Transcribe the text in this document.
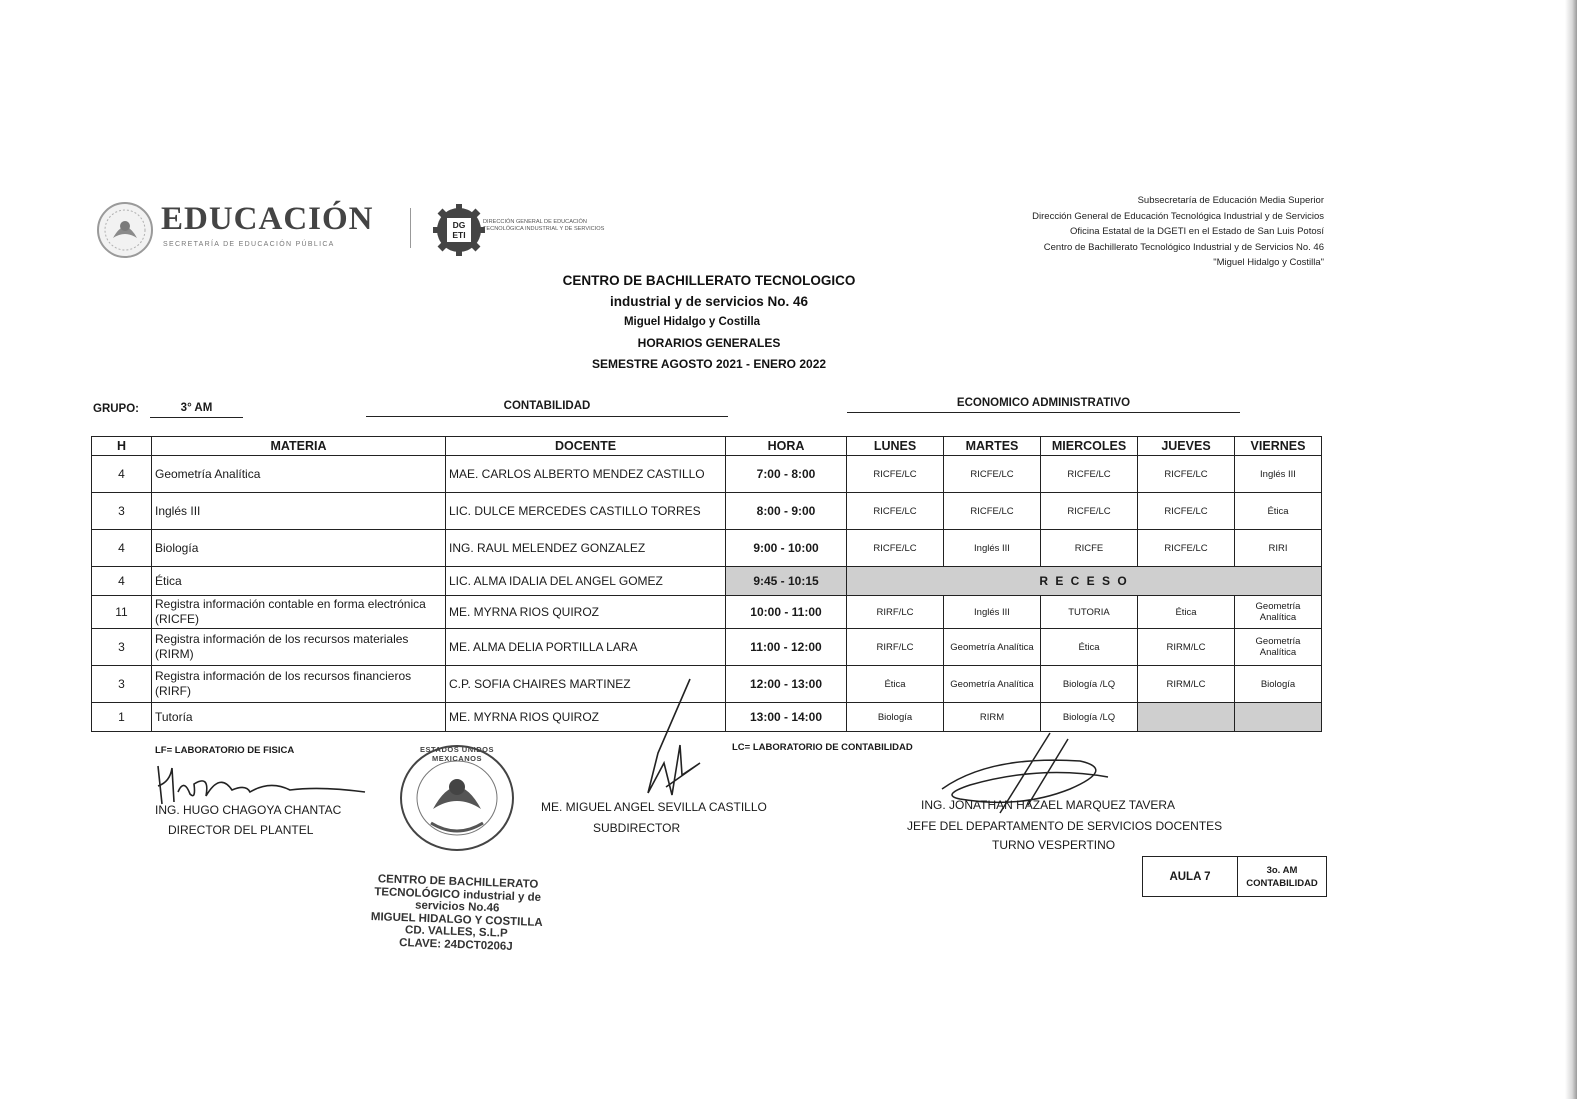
EDUCACIÓN
SECRETARÍA DE EDUCACIÓN PÚBLICA
DG ETI
DIRECCIÓN GENERAL DE EDUCACIÓN
TECNOLÓGICA INDUSTRIAL Y DE SERVICIOS
Subsecretaría de Educación Media Superior
Dirección General de Educación Tecnológica Industrial y de Servicios
Oficina Estatal de la DGETI en el Estado de San Luis Potosí
Centro de Bachillerato Tecnológico Industrial y de Servicios No. 46
"Miguel Hidalgo y Costilla"
CENTRO DE BACHILLERATO TECNOLOGICO
industrial y de servicios No. 46
Miguel Hidalgo y Costilla
HORARIOS GENERALES
SEMESTRE AGOSTO 2021 - ENERO 2022
GRUPO:	3° AM	CONTABILIDAD	ECONOMICO ADMINISTRATIVO
H	MATERIA	DOCENTE	HORA	LUNES	MARTES	MIERCOLES	JUEVES	VIERNES
4	Geometría Analítica	MAE. CARLOS ALBERTO MENDEZ CASTILLO	7:00 - 8:00	RICFE/LC	RICFE/LC	RICFE/LC	RICFE/LC	Inglés III
3	Inglés III	LIC. DULCE MERCEDES CASTILLO TORRES	8:00 - 9:00	RICFE/LC	RICFE/LC	RICFE/LC	RICFE/LC	Ética
4	Biología	ING. RAUL MELENDEZ GONZALEZ	9:00 - 10:00	RICFE/LC	Inglés III	RICFE	RICFE/LC	RIRI
4	Ética	LIC. ALMA IDALIA DEL ANGEL GOMEZ	9:45 - 10:15	R E C E S O				
11	Registra información contable en forma electrónica (RICFE)	ME. MYRNA RIOS QUIROZ	10:00 - 11:00	RIRF/LC	Inglés III	TUTORIA	Ética	Geometría Analítica
3	Registra información de los recursos materiales (RIRM)	ME. ALMA DELIA PORTILLA LARA	11:00 - 12:00	RIRF/LC	Geometría Analítica	Ética	RIRM/LC	Geometría Analítica
3	Registra información de los recursos financieros (RIRF)	C.P. SOFIA CHAIRES MARTINEZ	12:00 - 13:00	Ética	Geometría Analítica	Biología /LQ	RIRM/LC	Biología
1	Tutoría	ME. MYRNA RIOS QUIROZ	13:00 - 14:00	Biología	RIRM	Biología /LQ		
LF= LABORATORIO DE FISICA	LC= LABORATORIO DE CONTABILIDAD
ESTADOS UNIDOS MEXICANOS
ING. HUGO CHAGOYA CHANTAC
DIRECTOR DEL PLANTEL
ME. MIGUEL ANGEL SEVILLA CASTILLO
SUBDIRECTOR
ING. JONATHAN HAZAEL MARQUEZ TAVERA
JEFE DEL DEPARTAMENTO DE SERVICIOS DOCENTES
TURNO VESPERTINO
CENTRO DE BACHILLERATO
TECNOLÓGICO industrial y de
servicios No.46
MIGUEL HIDALGO Y COSTILLA
CD. VALLES, S.L.P
CLAVE: 24DCT0206J
AULA 7	
3o. AM
CONTABILIDAD
